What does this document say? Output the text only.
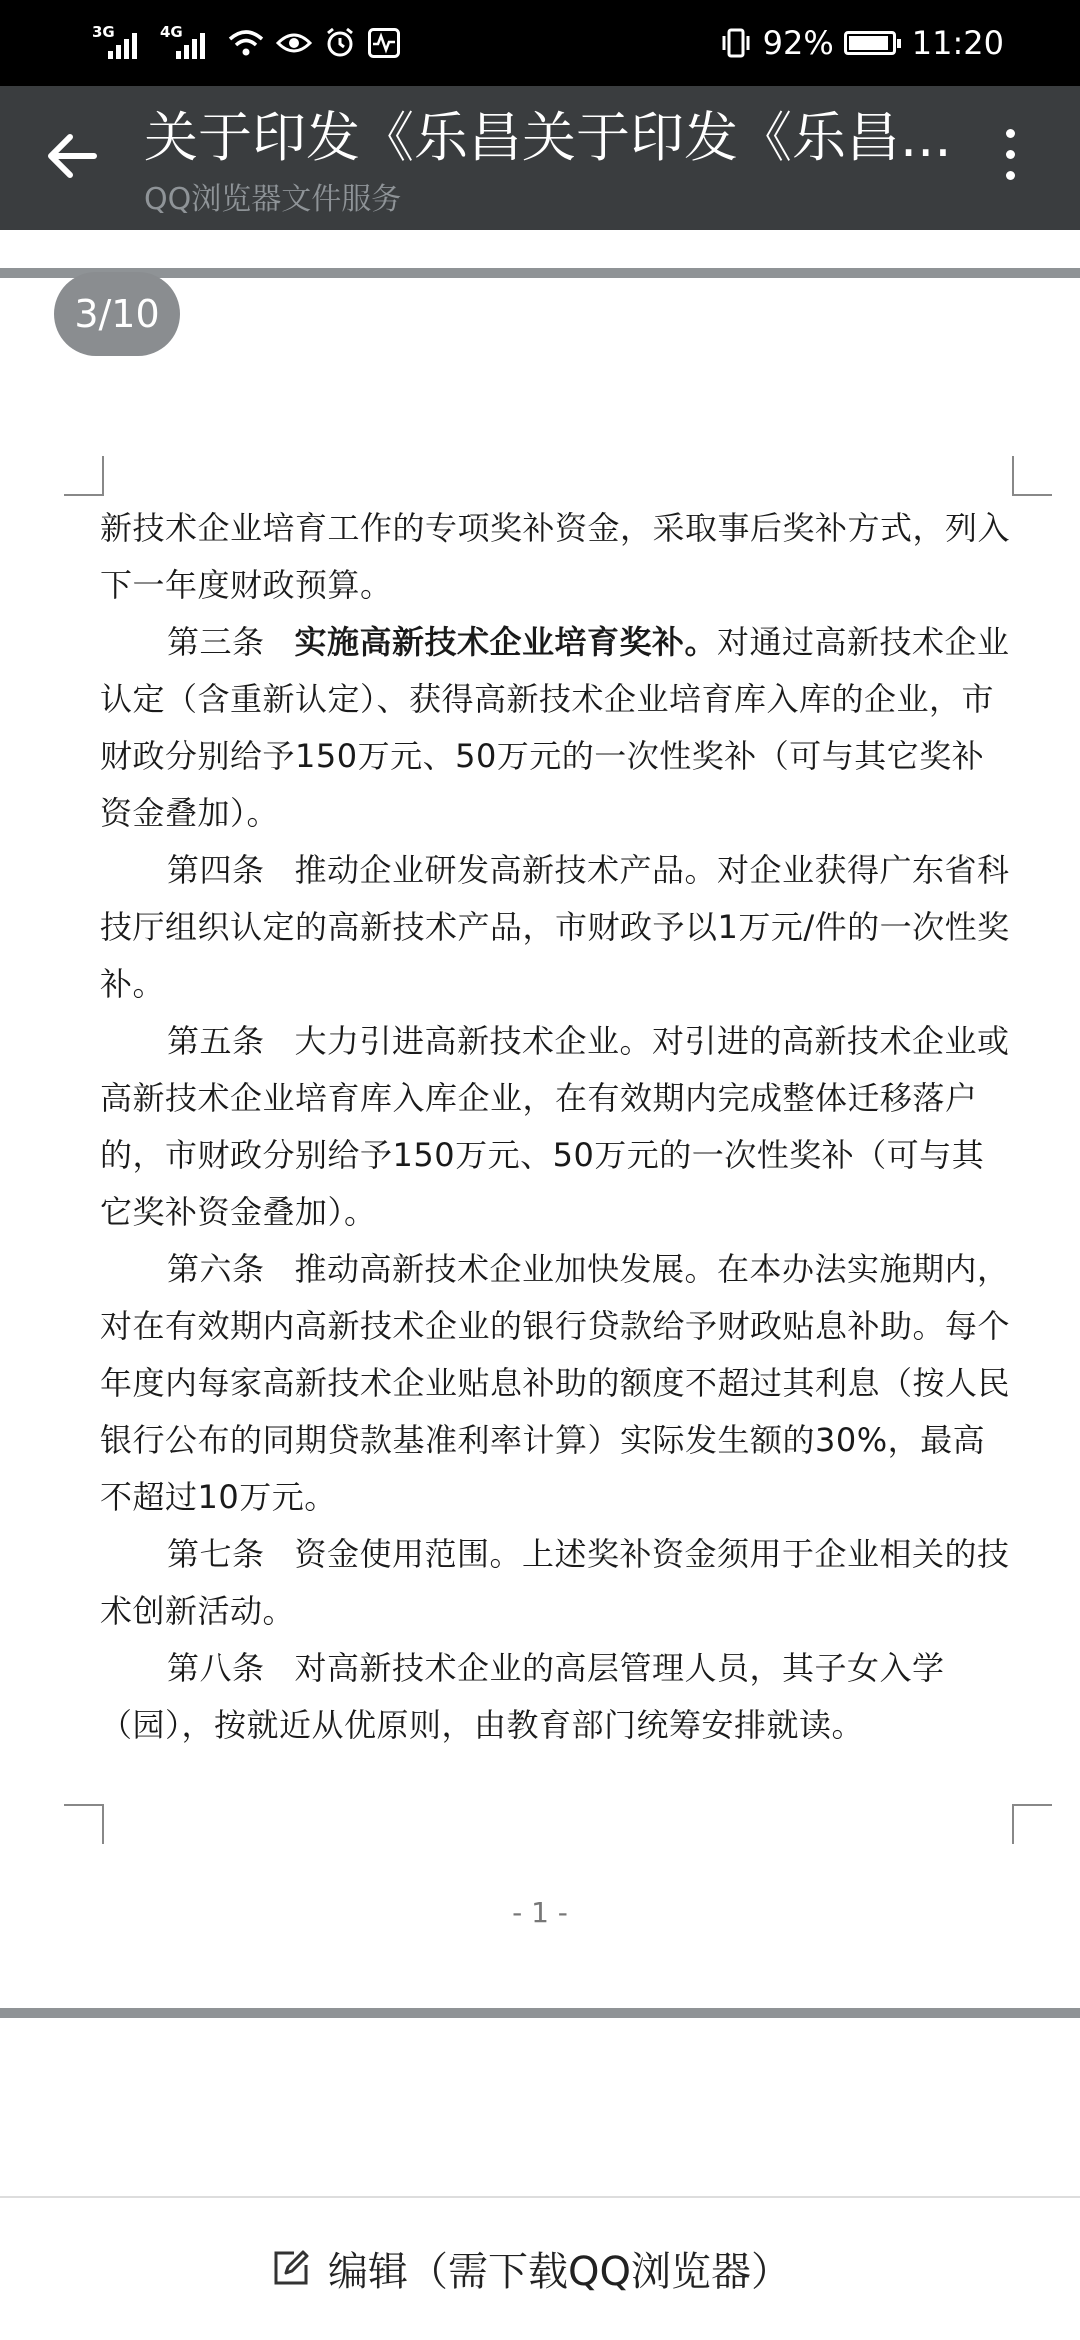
3G	4G	92% 11:20
关于印发《乐昌关于印发《乐昌...
QQ浏览器文件服务
3/10

新技术企业培育工作的专项奖补资金，采取事后奖补方式，列入下一年度财政预算。

第三条 实施高新技术企业培育奖补。对通过高新技术企业认定（含重新认定）、获得高新技术企业培育库入库的企业，市财政分别给予150万元、50万元的一次性奖补（可与其它奖补资金叠加）。

第四条 推动企业研发高新技术产品。对企业获得广东省科技厅组织认定的高新技术产品，市财政予以1万元/件的一次性奖补。

第五条 大力引进高新技术企业。对引进的高新技术企业或高新技术企业培育库入库企业，在有效期内完成整体迁移落户的，市财政分别给予150万元、50万元的一次性奖补（可与其它奖补资金叠加）。

第六条 推动高新技术企业加快发展。在本办法实施期内，对在有效期内高新技术企业的银行贷款给予财政贴息补助。每个年度内每家高新技术企业贴息补助的额度不超过其利息（按人民银行公布的同期贷款基准利率计算）实际发生额的30%，最高不超过10万元。

第七条 资金使用范围。上述奖补资金须用于企业相关的技术创新活动。

第八条 对高新技术企业的高层管理人员，其子女入学（园），按就近从优原则，由教育部门统筹安排就读。

- 1 -
编辑（需下载QQ浏览器）
